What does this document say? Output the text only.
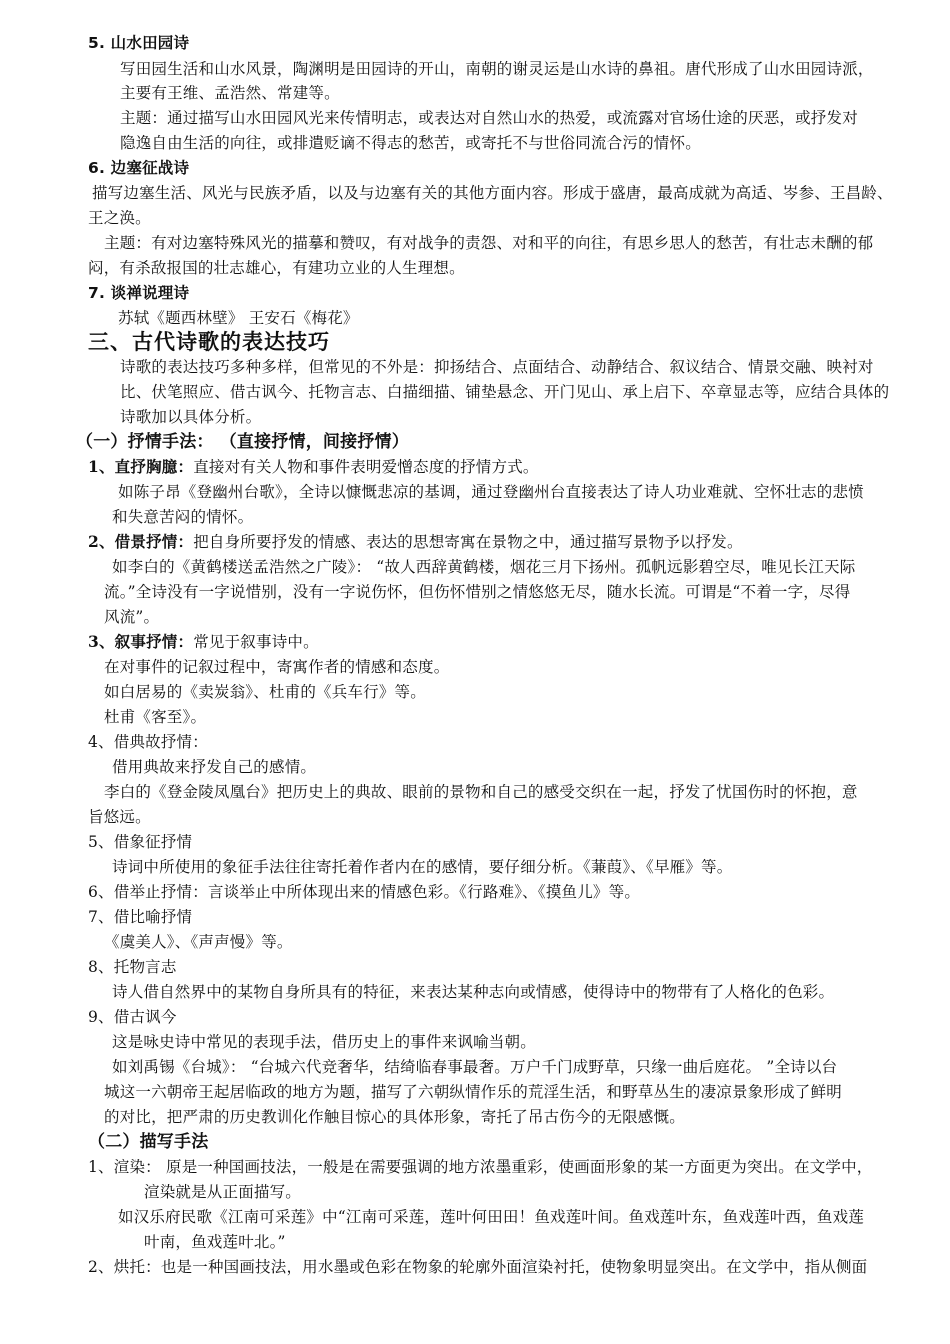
5. 山水田园诗
写田园生活和山水风景，陶渊明是田园诗的开山，南朝的谢灵运是山水诗的鼻祖。唐代形成了山水田园诗派，
主要有王维、孟浩然、常建等。
主题：通过描写山水田园风光来传情明志，或表达对自然山水的热爱，或流露对官场仕途的厌恶，或抒发对
隐逸自由生活的向往，或排遣贬谪不得志的愁苦，或寄托不与世俗同流合污的情怀。
6. 边塞征战诗
描写边塞生活、风光与民族矛盾，以及与边塞有关的其他方面内容。形成于盛唐，最高成就为高适、岑参、王昌龄、
王之涣。
主题：有对边塞特殊风光的描摹和赞叹，有对战争的责怨、对和平的向往，有思乡思人的愁苦，有壮志未酬的郁
闷，有杀敌报国的壮志雄心，有建功立业的人生理想。
7. 谈禅说理诗
苏轼《题西林壁》 王安石《梅花》
三、古代诗歌的表达技巧
诗歌的表达技巧多种多样，但常见的不外是：抑扬结合、点面结合、动静结合、叙议结合、情景交融、映衬对
比、伏笔照应、借古讽今、托物言志、白描细描、铺垫悬念、开门见山、承上启下、卒章显志等，应结合具体的
诗歌加以具体分析。
（一）抒情手法： （直接抒情，间接抒情）
1、直抒胸臆：直接对有关人物和事件表明爱憎态度的抒情方式。
如陈子昂《登幽州台歌》，全诗以慷慨悲凉的基调，通过登幽州台直接表达了诗人功业难就、空怀壮志的悲愤
和失意苦闷的情怀。
2、借景抒情：把自身所要抒发的情感、表达的思想寄寓在景物之中，通过描写景物予以抒发。
如李白的《黄鹤楼送孟浩然之广陵》： “故人西辞黄鹤楼，烟花三月下扬州。孤帆远影碧空尽，唯见长江天际
流。”全诗没有一字说惜别，没有一字说伤怀，但伤怀惜别之情悠悠无尽，随水长流。可谓是“不着一字，尽得
风流”。
3、叙事抒情：常见于叙事诗中。
在对事件的记叙过程中，寄寓作者的情感和态度。
如白居易的《卖炭翁》、杜甫的《兵车行》等。
杜甫《客至》。
4、借典故抒情：
借用典故来抒发自己的感情。
李白的《登金陵凤凰台》把历史上的典故、眼前的景物和自己的感受交织在一起，抒发了忧国伤时的怀抱，意
旨悠远。
5、借象征抒情
诗词中所使用的象征手法往往寄托着作者内在的感情，要仔细分析。《蒹葭》、《早雁》等。
6、借举止抒情：言谈举止中所体现出来的情感色彩。《行路难》、《摸鱼儿》等。
7、借比喻抒情
《虞美人》、《声声慢》等。
8、托物言志
诗人借自然界中的某物自身所具有的特征，来表达某种志向或情感，使得诗中的物带有了人格化的色彩。
9、借古讽今
这是咏史诗中常见的表现手法，借历史上的事件来讽喻当朝。
如刘禹锡《台城》： “台城六代竞奢华，结绮临春事最奢。万户千门成野草，只缘一曲后庭花。 ”全诗以台
城这一六朝帝王起居临政的地方为题，描写了六朝纵情作乐的荒淫生活，和野草丛生的凄凉景象形成了鲜明
的对比，把严肃的历史教训化作触目惊心的具体形象，寄托了吊古伤今的无限感慨。
（二）描写手法
1、渲染： 原是一种国画技法，一般是在需要强调的地方浓墨重彩，使画面形象的某一方面更为突出。在文学中，
渲染就是从正面描写。
如汉乐府民歌《江南可采莲》中“江南可采莲，莲叶何田田！鱼戏莲叶间。鱼戏莲叶东，鱼戏莲叶西，鱼戏莲
叶南，鱼戏莲叶北。”
2、烘托：也是一种国画技法，用水墨或色彩在物象的轮廓外面渲染衬托，使物象明显突出。在文学中，指从侧面
